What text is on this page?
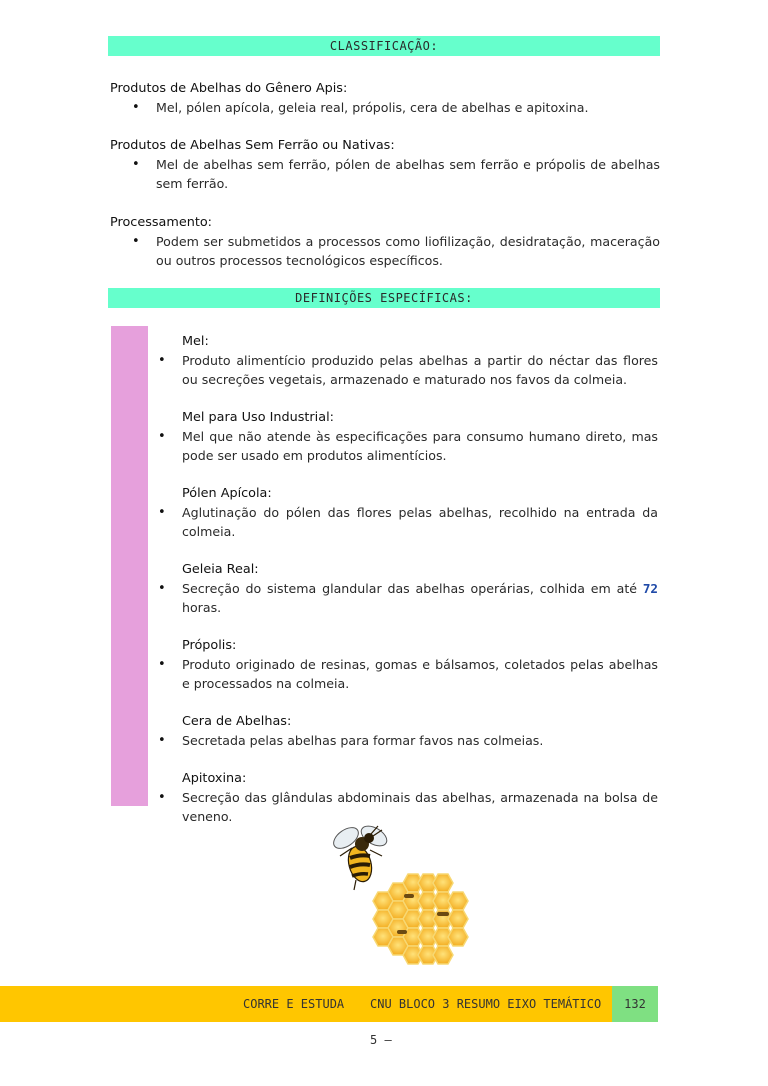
CLASSIFICAÇÃO:
Produtos de Abelhas do Gênero Apis:
• Mel, pólen apícola, geleia real, própolis, cera de abelhas e apitoxina.
Produtos de Abelhas Sem Ferrão ou Nativas:
• Mel de abelhas sem ferrão, pólen de abelhas sem ferrão e própolis de abelhas sem ferrão.
Processamento:
• Podem ser submetidos a processos como liofilização, desidratação, maceração ou outros processos tecnológicos específicos.
DEFINIÇÕES ESPECÍFICAS:
Mel:
• Produto alimentício produzido pelas abelhas a partir do néctar das flores ou secreções vegetais, armazenado e maturado nos favos da colmeia.
Mel para Uso Industrial:
• Mel que não atende às especificações para consumo humano direto, mas pode ser usado em produtos alimentícios.
Pólen Apícola:
• Aglutinação do pólen das flores pelas abelhas, recolhido na entrada da colmeia.
Geleia Real:
• Secreção do sistema glandular das abelhas operárias, colhida em até 72 horas.
Própolis:
• Produto originado de resinas, gomas e bálsamos, coletados pelas abelhas e processados na colmeia.
Cera de Abelhas:
• Secretada pelas abelhas para formar favos nas colmeias.
Apitoxina:
• Secreção das glândulas abdominais das abelhas, armazenada na bolsa de veneno.
CORRE E ESTUDA CNU BLOCO 3 RESUMO EIXO TEMÁTICO 5 –
132
